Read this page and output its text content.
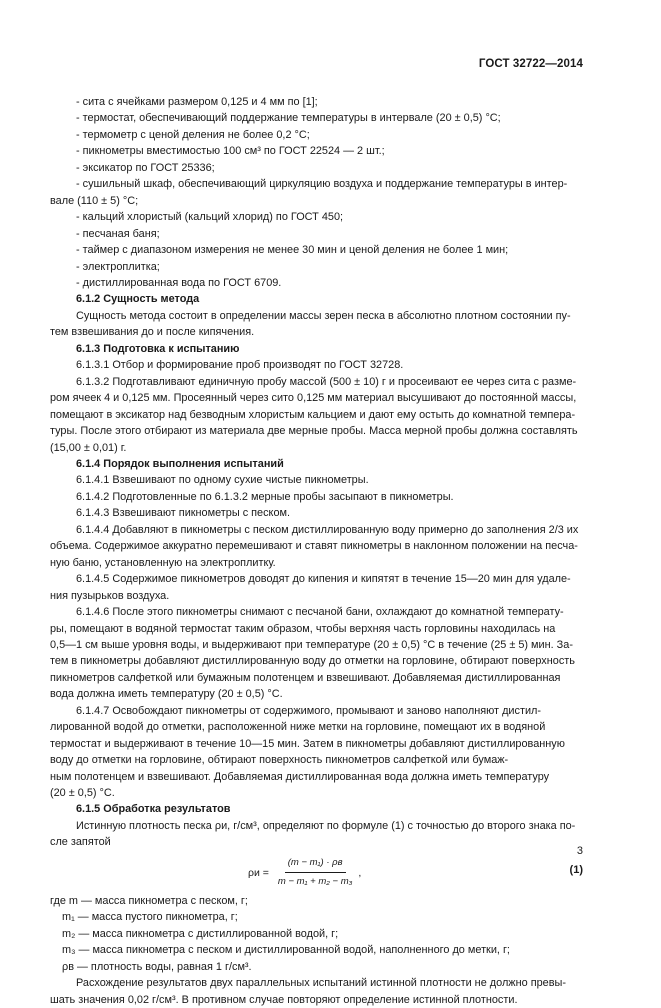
ГОСТ 32722—2014

- сита с ячейками размером 0,125 и 4 мм по [1];

- термостат, обеспечивающий поддержание температуры в интервале (20 ± 0,5) °С;

- термометр с ценой деления не более 0,2 °С;

- пикнометры вместимостью 100 см³ по ГОСТ 22524 — 2 шт.;

- эксикатор по ГОСТ 25336;

- сушильный шкаф, обеспечивающий циркуляцию воздуха и поддержание температуры в интер-

вале (110 ± 5) °С;

- кальций хлористый (кальций хлорид) по ГОСТ 450;

- песчаная баня;

- таймер с диапазоном измерения не менее 30 мин и ценой деления не более 1 мин;

- электроплитка;

- дистиллированная вода по ГОСТ 6709.

6.1.2 Сущность метода

Сущность метода состоит в определении массы зерен песка в абсолютно плотном состоянии пу-

тем взвешивания до и после кипячения.

6.1.3 Подготовка к испытанию

6.1.3.1 Отбор и формирование проб производят по ГОСТ 32728.

6.1.3.2 Подготавливают единичную пробу массой (500 ± 10) г и просеивают ее через сита с разме-

ром ячеек 4 и 0,125 мм. Просеянный через сито 0,125 мм материал высушивают до постоянной массы,

помещают в эксикатор над безводным хлористым кальцием и дают ему остыть до комнатной темпера-

туры. После этого отбирают из материала две мерные пробы. Масса мерной пробы должна составлять

(15,00 ± 0,01) г.

6.1.4 Порядок выполнения испытаний

6.1.4.1 Взвешивают по одному сухие чистые пикнометры.

6.1.4.2 Подготовленные по 6.1.3.2 мерные пробы засыпают в пикнометры.

6.1.4.3 Взвешивают пикнометры с песком.

6.1.4.4 Добавляют в пикнометры с песком дистиллированную воду примерно до заполнения 2/3 их

объема. Содержимое аккуратно перемешивают и ставят пикнометры в наклонном положении на песча-

ную баню, установленную на электроплитку.

6.1.4.5 Содержимое пикнометров доводят до кипения и кипятят в течение 15—20 мин для удале-

ния пузырьков воздуха.

6.1.4.6 После этого пикнометры снимают с песчаной бани, охлаждают до комнатной температу-

ры, помещают в водяной термостат таким образом, чтобы верхняя часть горловины находилась на

0,5—1 см выше уровня воды, и выдерживают при температуре (20 ± 0,5) °С в течение (25 ± 5) мин. За-

тем в пикнометры добавляют дистиллированную воду до отметки на горловине, обтирают поверхность

пикнометров салфеткой или бумажным полотенцем и взвешивают. Добавляемая дистиллированная

вода должна иметь температуру (20 ± 0,5) °С.

6.1.4.7 Освобождают пикнометры от содержимого, промывают и заново наполняют дистил-

лированной водой до отметки, расположенной ниже метки на горловине, помещают их в водяной

термостат и выдерживают в течение 10—15 мин. Затем в пикнометры добавляют дистиллированную

воду до отметки на горловине, обтирают поверхность пикнометров салфеткой или бумаж-

ным полотенцем и взвешивают. Добавляемая дистиллированная вода должна иметь температуру

(20 ± 0,5) °С.

6.1.5 Обработка результатов

Истинную плотность песка ρи, г/см³, определяют по формуле (1) с точностью до второго знака по-

сле запятой

$\rho и = \frac{\text{(m − m₁) · ρв}}{\text{m − m₁ + m₂ − m₃}}$ ,	(1)

где m — масса пикнометра с песком, г;

m₁ — масса пустого пикнометра, г;

m₂ — масса пикнометра с дистиллированной водой, г;

m₃ — масса пикнометра с песком и дистиллированной водой, наполненного до метки, г;

ρв — плотность воды, равная 1 г/см³.

Расхождение результатов двух параллельных испытаний истинной плотности не должно превы-

шать значения 0,02 г/см³. В противном случае повторяют определение истинной плотности.

3
